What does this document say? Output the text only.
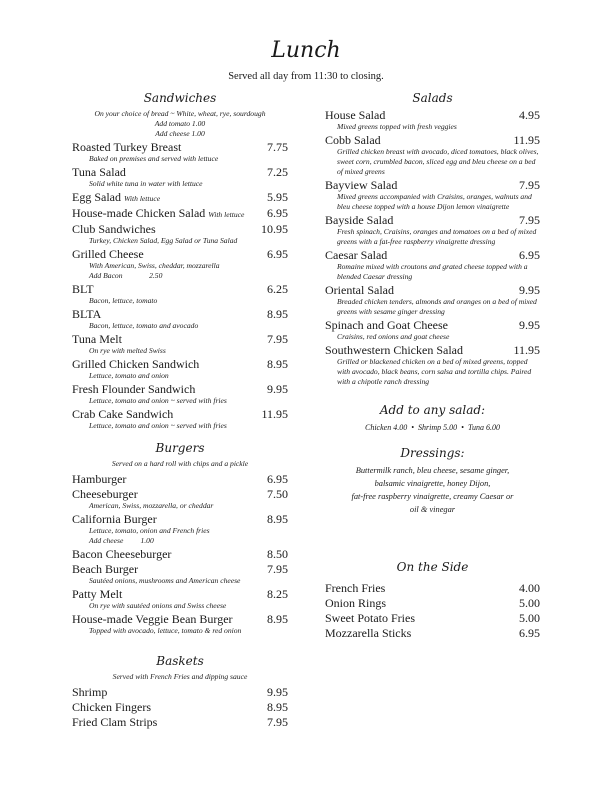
Lunch
Served all day from 11:30 to closing.
Sandwiches
On your choice of bread ~ White, wheat, rye, sourdough
Add tomato 1.00
Add cheese 1.00
Roasted Turkey Breast	7.75
Baked on premises and served with lettuce
Tuna Salad	7.25
Solid white tuna in water with lettuce
Egg Salad With lettuce	5.95
House-made Chicken Salad With lettuce 6.95
Club Sandwiches	10.95
Turkey, Chicken Salad, Egg Salad or Tuna Salad
Grilled Cheese	6.95
With American, Swiss, cheddar, mozzarella
Add Bacon              2.50
BLT	6.25
Bacon, lettuce, tomato
BLTA	8.95
Bacon, lettuce, tomato and avocado
Tuna Melt	7.95
On rye with melted Swiss
Grilled Chicken Sandwich	8.95
Lettuce, tomato and onion
Fresh Flounder Sandwich	9.95
Lettuce, tomato and onion ~ served with fries
Crab Cake Sandwich	11.95
Lettuce, tomato and onion ~ served with fries
Burgers
Served on a hard roll with chips and a pickle
Hamburger	6.95
Cheeseburger	7.50
American, Swiss, mozzarella, or cheddar
California Burger	8.95
Lettuce, tomato, onion and French fries
Add cheese         1.00
Bacon Cheeseburger	8.50
Beach Burger	7.95
Sautéed onions, mushrooms and American cheese
Patty Melt	8.25
On rye with sautéed onions and Swiss cheese
House-made Veggie Bean Burger	8.95
Topped with avocado, lettuce, tomato & red onion
Baskets
Served with French Fries and dipping sauce
Shrimp	9.95
Chicken Fingers	8.95
Fried Clam Strips	7.95
Salads
House Salad	4.95
Mixed greens topped with fresh veggies
Cobb Salad	11.95
Grilled chicken breast with avocado, diced tomatoes, black olives, sweet corn, crumbled bacon, sliced egg and bleu cheese on a bed of mixed greens
Bayview Salad	7.95
Mixed greens accompanied with Craisins, oranges, walnuts and bleu cheese topped with a house Dijon lemon vinaigrette
Bayside Salad	7.95
Fresh spinach, Craisins, oranges and tomatoes on a bed of mixed greens with a fat-free raspberry vinaigrette dressing
Caesar Salad	6.95
Romaine mixed with croutons and grated cheese topped with a blended Caesar dressing
Oriental Salad	9.95
Breaded chicken tenders, almonds and oranges on a bed of mixed greens with sesame ginger dressing
Spinach and Goat Cheese	9.95
Craisins, red onions and goat cheese
Southwestern Chicken Salad	11.95
Grilled or blackened chicken on a bed of mixed greens, topped with avocado, black beans, corn salsa and tortilla chips. Paired with a chipotle ranch dressing
Add to any salad:
Chicken 4.00 • Shrimp 5.00 • Tuna 6.00
Dressings:
Buttermilk ranch, bleu cheese, sesame ginger,
balsamic vinaigrette, honey Dijon,
fat-free raspberry vinaigrette, creamy Caesar or
oil & vinegar
On the Side
French Fries	4.00
Onion Rings	5.00
Sweet Potato Fries	5.00
Mozzarella Sticks	6.95
